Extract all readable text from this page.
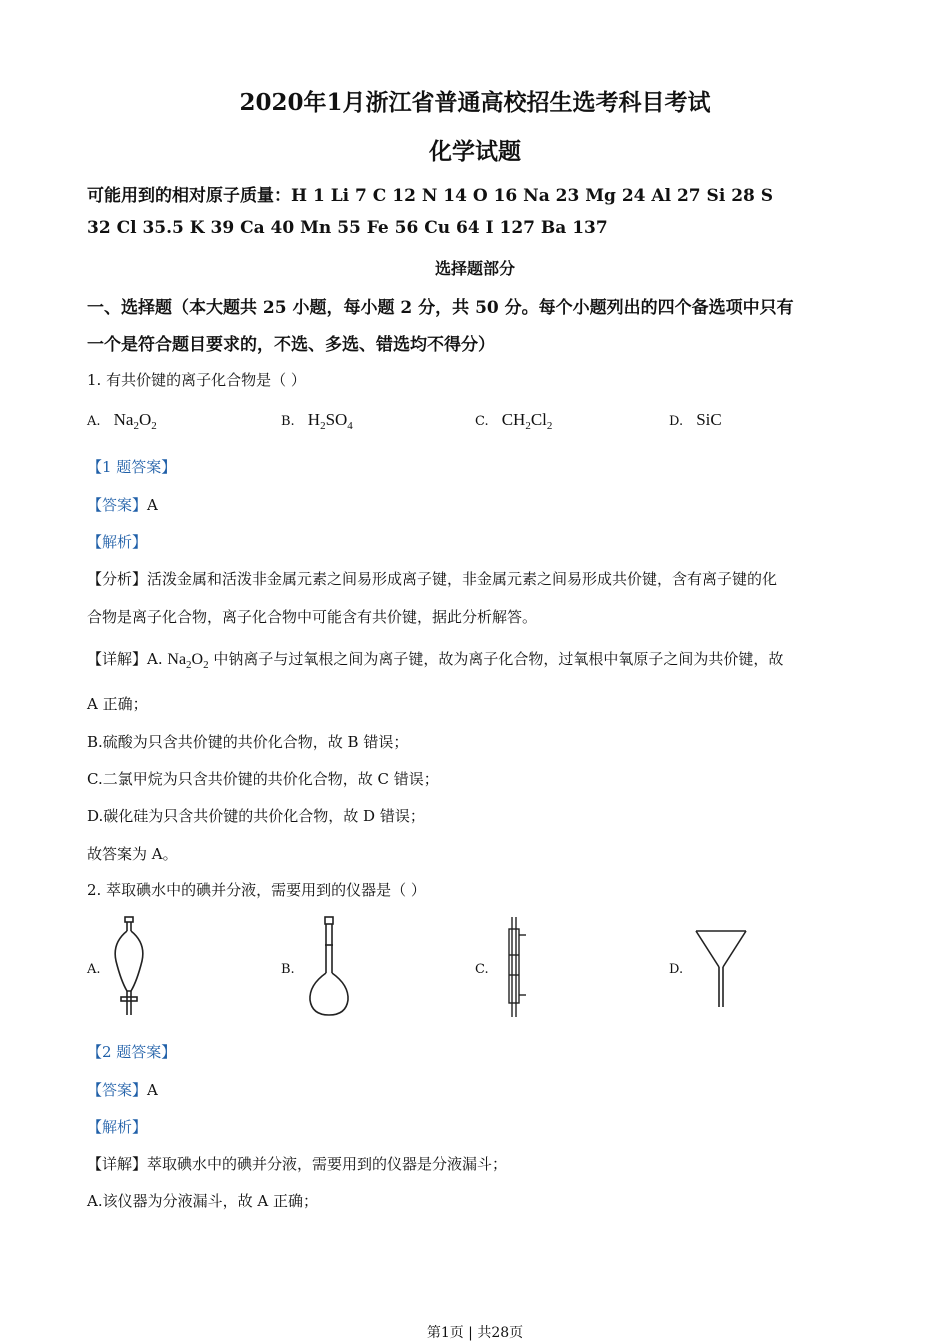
2020年1月浙江省普通高校招生选考科目考试
化学试题
可能用到的相对原子质量：H 1 Li 7 C 12 N 14 O 16 Na 23 Mg 24 Al 27 Si 28 S
32 Cl 35.5 K 39 Ca 40 Mn 55 Fe 56 Cu 64 I 127 Ba 137
选择题部分
一、选择题（本大题共 25 小题，每小题 2 分，共 50 分。每个小题列出的四个备选项中只有
一个是符合题目要求的，不选、多选、错选均不得分）
1. 有共价键的离子化合物是（ ）
A. $Na_2O_2$	B. $H_2SO_4$	C. $CH_2Cl_2$	D. SiC
【1 题答案】
【答案】A
【解析】
【分析】活泼金属和活泼非金属元素之间易形成离子键，非金属元素之间易形成共价键，含有离子键的化
合物是离子化合物，离子化合物中可能含有共价键，据此分析解答。
【详解】A. $Na_2O_2$ 中钠离子与过氧根之间为离子键，故为离子化合物，过氧根中氧原子之间为共价键，故
A 正确；
B.硫酸为只含共价键的共价化合物，故 B 错误；
C.二氯甲烷为只含共价键的共价化合物，故 C 错误；
D.碳化硅为只含共价键的共价化合物，故 D 错误；
故答案为 A。
2. 萃取碘水中的碘并分液，需要用到的仪器是（ ）
A.	B.	C.	D.
【2 题答案】
【答案】A
【解析】
【详解】萃取碘水中的碘并分液，需要用到的仪器是分液漏斗；
A.该仪器为分液漏斗，故 A 正确；
第1页 | 共28页
